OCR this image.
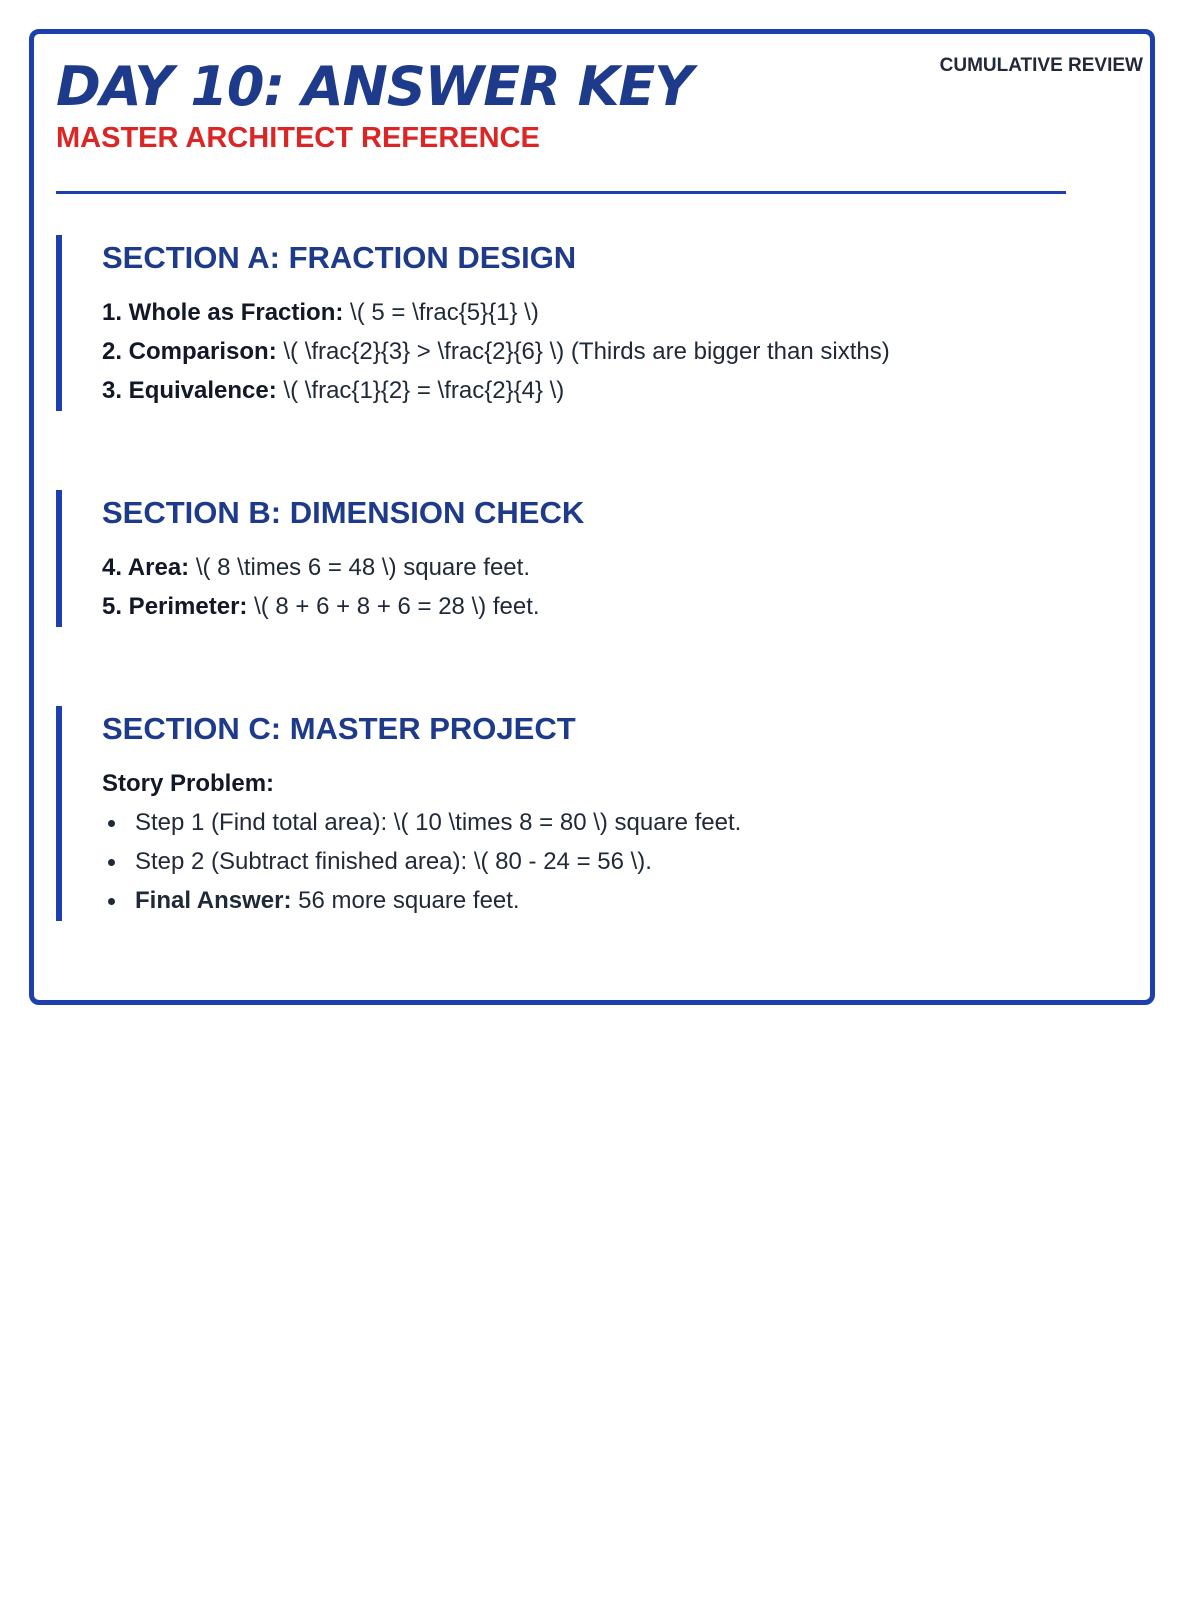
DAY 10: ANSWER KEY
MASTER ARCHITECT REFERENCE
CUMULATIVE REVIEW
SECTION A: FRACTION DESIGN
1. Whole as Fraction: \( 5 = \frac{5}{1} \)
2. Comparison: \( \frac{2}{3} > \frac{2}{6} \) (Thirds are bigger than sixths)
3. Equivalence: \( \frac{1}{2} = \frac{2}{4} \)
SECTION B: DIMENSION CHECK
4. Area: \( 8 \times 6 = 48 \) square feet.
5. Perimeter: \( 8 + 6 + 8 + 6 = 28 \) feet.
SECTION C: MASTER PROJECT
Story Problem:
Step 1 (Find total area): \( 10 \times 8 = 80 \) square feet.
Step 2 (Subtract finished area): \( 80 - 24 = 56 \).
Final Answer: 56 more square feet.
